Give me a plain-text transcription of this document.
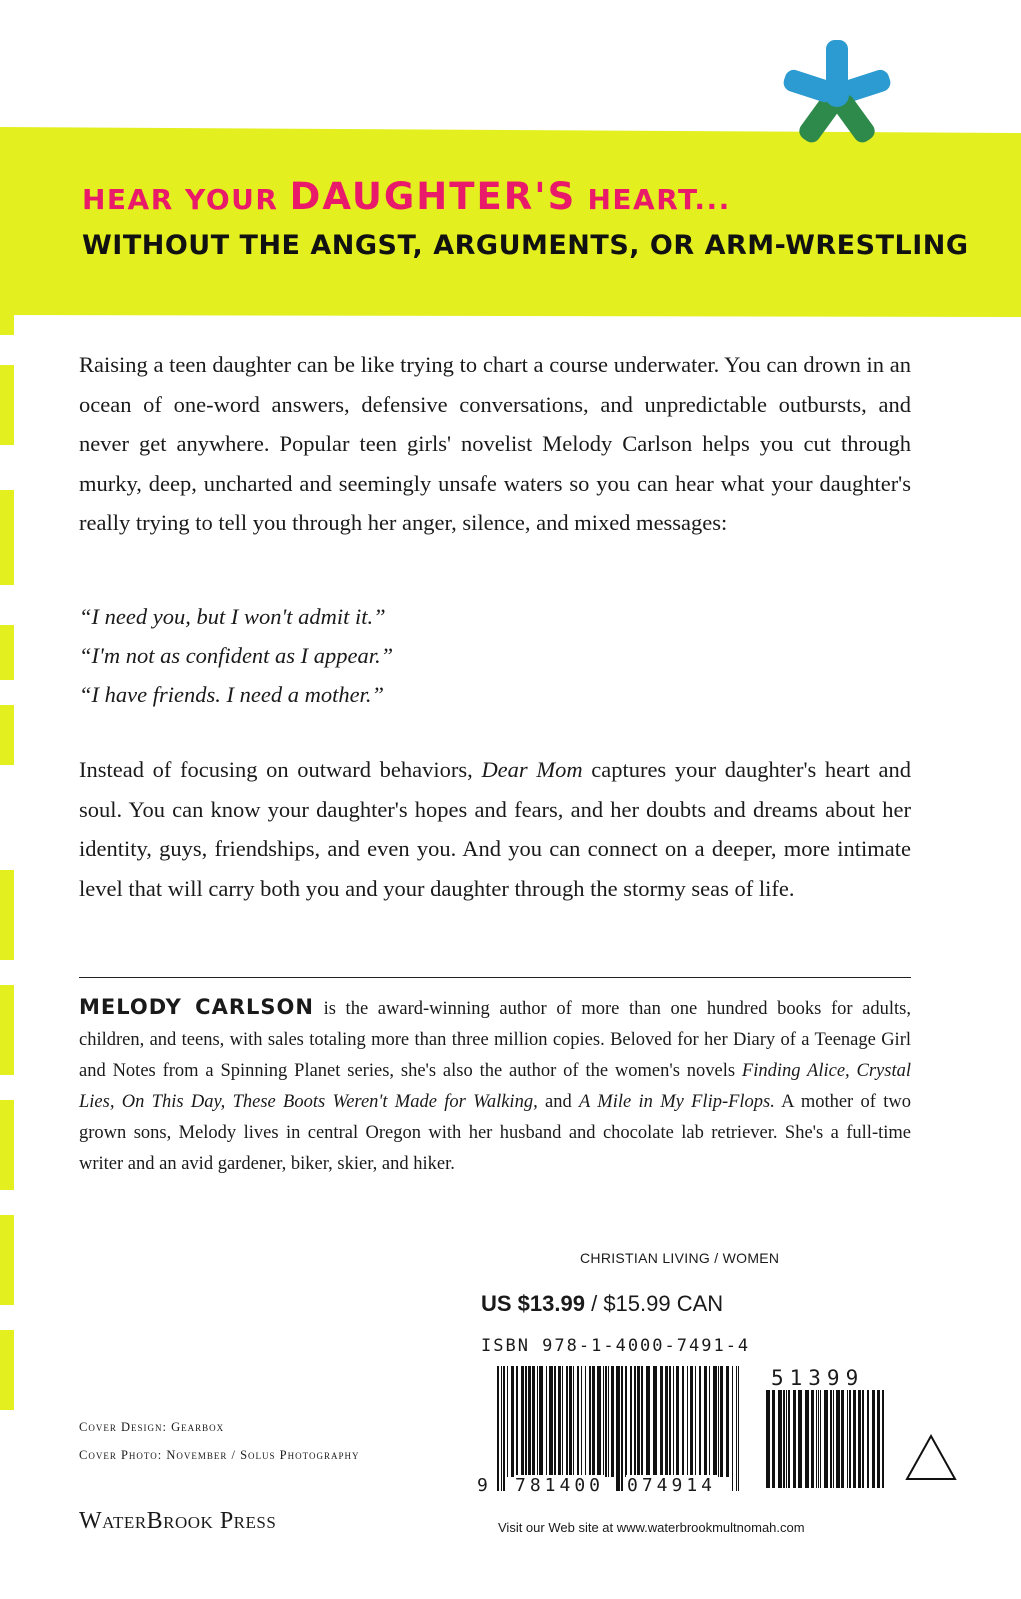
HEAR YOUR DAUGHTER'S HEART...
WITHOUT THE ANGST, ARGUMENTS, OR ARM-WRESTLING

Raising a teen daughter can be like trying to chart a course underwater. You can drown in an ocean of one-word answers, defensive conversations, and unpredictable outbursts, and never get anywhere. Popular teen girls' novelist Melody Carlson helps you cut through murky, deep, uncharted and seemingly unsafe waters so you can hear what your daughter's really trying to tell you through her anger, silence, and mixed messages:

“I need you, but I won't admit it.”
“I'm not as confident as I appear.”
“I have friends. I need a mother.”

Instead of focusing on outward behaviors, Dear Mom captures your daughter's heart and soul. You can know your daughter's hopes and fears, and her doubts and dreams about her identity, guys, friendships, and even you. And you can connect on a deeper, more intimate level that will carry both you and your daughter through the stormy seas of life.

MELODY CARLSON is the award-winning author of more than one hundred books for adults, children, and teens, with sales totaling more than three million copies. Beloved for her Diary of a Teenage Girl and Notes from a Spinning Planet series, she's also the author of the women's novels Finding Alice, Crystal Lies, On This Day, These Boots Weren't Made for Walking, and A Mile in My Flip-Flops. A mother of two grown sons, Melody lives in central Oregon with her husband and chocolate lab retriever. She's a full-time writer and an avid gardener, biker, skier, and hiker.

CHRISTIAN LIVING / WOMEN
US $13.99 / $15.99 CAN
ISBN 978-1-4000-7491-4
9 781400 074914
51399
Cover Design: Gearbox
Cover Photo: November / Solus Photography
WaterBrook Press	Visit our Web site at www.waterbrookmultnomah.com
